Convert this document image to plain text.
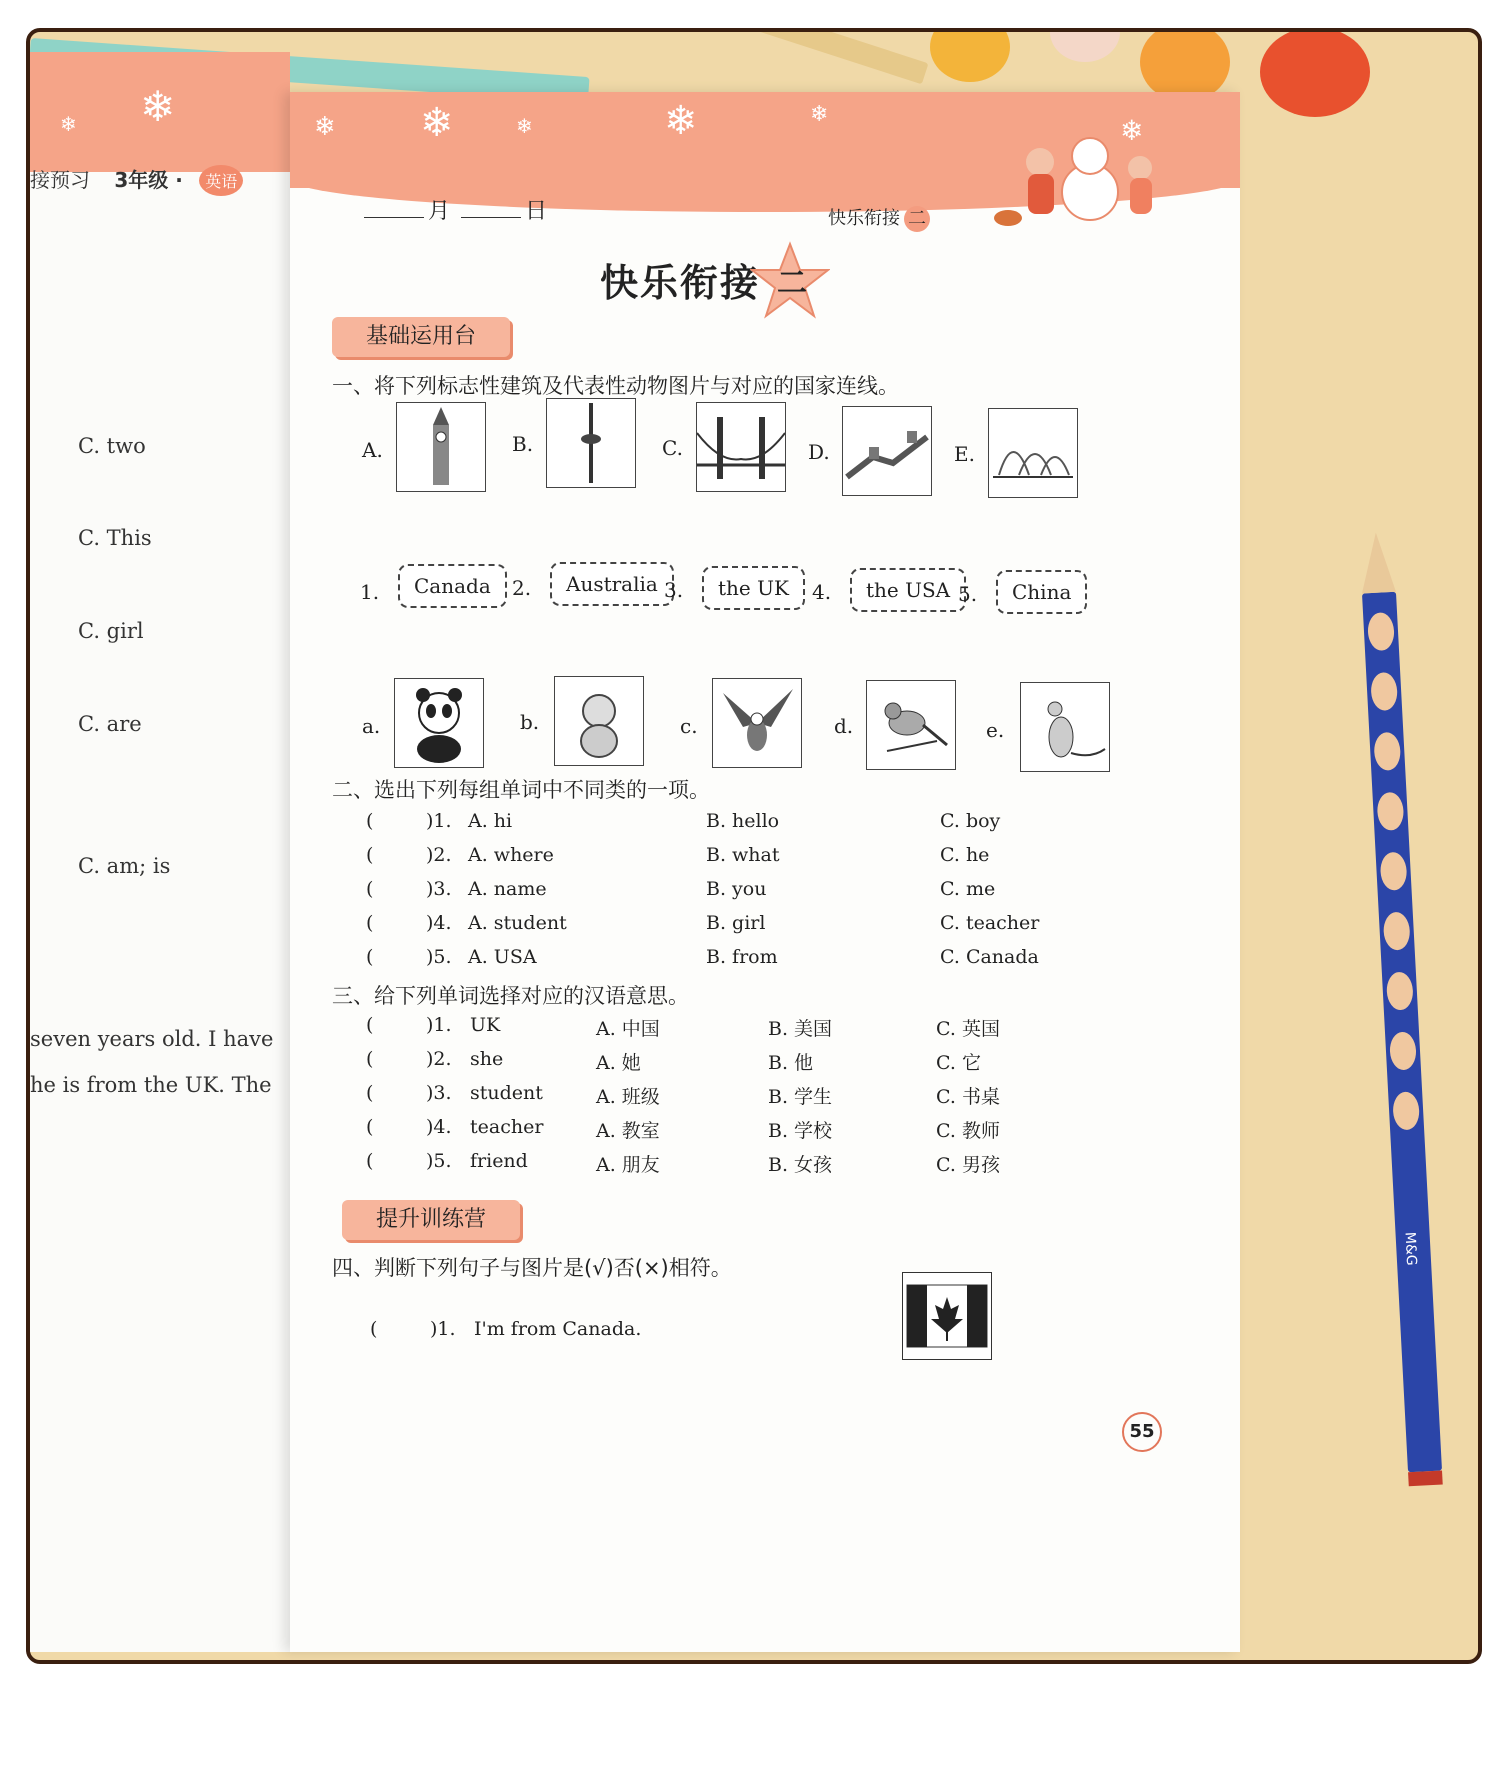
❄
❄
接预习 3年级 · 英语
C. two
C. This
C. girl
C. are
C. am; is
seven years old. I have
he is from the UK. The
❄ ❄	❄	❄	❄	❄
月	日	快乐衔接 二
快乐衔接 二
基础运用台
一、将下列标志性建筑及代表性动物图片与对应的国家连线。
A.	B.	C.	D.	E.
1.	Canada	2.	Australia 3.	the UK	4.	the USA 5.	China
a.	b.	c.	d.	e.
二、选出下列每组单词中不同类的一项。
(	)1. A. hi	B. hello	C. boy
(	)2. A. where	B. what	C. he
(	)3. A. name	B. you	C. me
(	)4. A. student	B. girl	C. teacher
(	)5. A. USA	B. from	C. Canada
三、给下列单词选择对应的汉语意思。
(	)1. UK	A. 中国	B. 美国	C. 英国
(	)2. she	A. 她	B. 他	C. 它
(	)3. student	A. 班级	B. 学生	C. 书桌
(	)4. teacher	A. 教室	B. 学校	C. 教师
(	)5. friend	A. 朋友	B. 女孩	C. 男孩
提升训练营
四、判断下列句子与图片是(√)否(×)相符。
(	)1. I'm from Canada.
55
M&G
